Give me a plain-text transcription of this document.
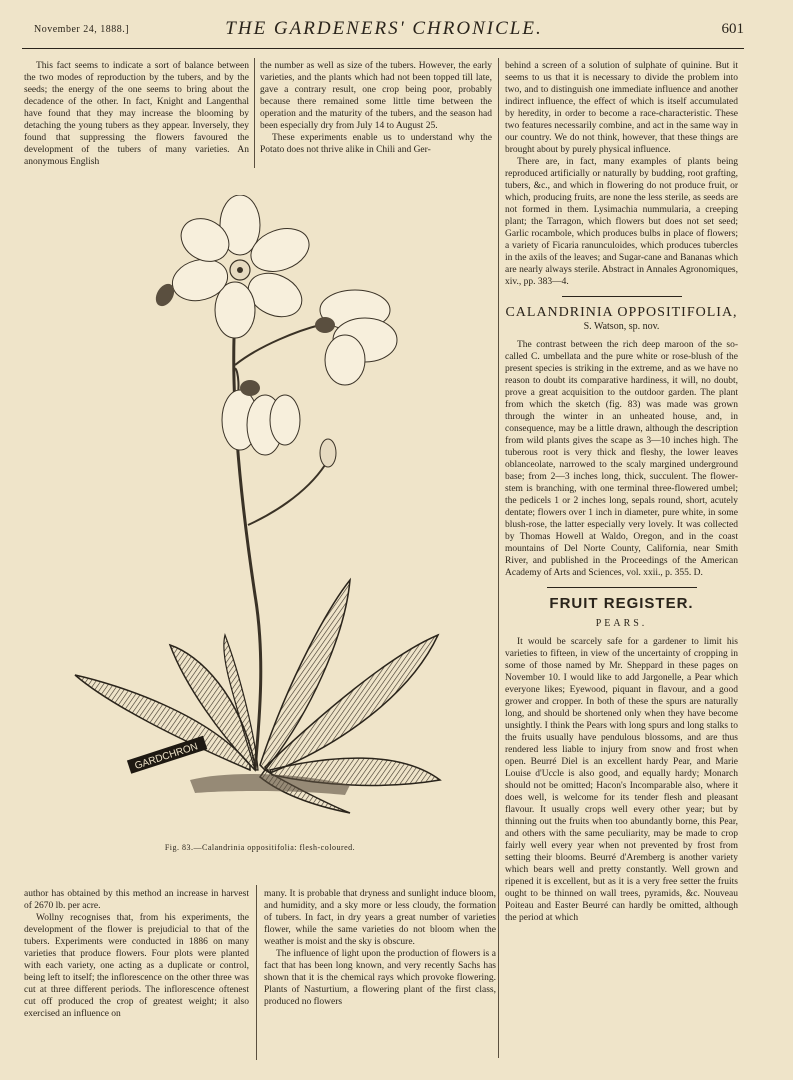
November 24, 1888.]	THE GARDENERS' CHRONICLE.	601

This fact seems to indicate a sort of balance between the two modes of reproduction by the tubers, and by the seeds; the energy of the one seems to bring about the decadence of the other. In fact, Knight and Langenthal have found that they may increase the blooming by detaching the young tubers as they appear. Inversely, they found that suppressing the flowers favoured the development of the tubers of many varieties. An anonymous English

the number as well as size of the tubers. However, the early varieties, and the plants which had not been topped till late, gave a contrary result, one crop being poor, probably because there remained some little time between the operation and the maturity of the tubers, and the season had been especially dry from July 14 to August 25.

These experiments enable us to understand why the Potato does not thrive alike in Chili and Ger-

behind a screen of a solution of sulphate of quinine. But it seems to us that it is necessary to divide the problem into two, and to distinguish one immediate influence and another indirect influence, the effect of which is itself accumulated by heredity, in order to become a race-characteristic. These two features necessarily combine, and act in the same way in our country. We do not think, however, that these things are brought about by purely physical influence.

There are, in fact, many examples of plants being reproduced artificially or naturally by budding, root grafting, tubers, &c., and which in flowering do not produce fruit, or which, producing fruits, are none the less sterile, as seeds are not formed in them. Lysimachia nummularia, a creeping plant; the Tarragon, which flowers but does not set seed; Garlic rocambole, which produces bulbs in place of flowers; a variety of Ficaria ranunculoides, which produces tubercles in the axils of the leaves; and Sugar-cane and Bananas which are nearly always sterile. Abstract in Annales Agronomiques, xiv., pp. 383—4.

CALANDRINIA OPPOSITIFOLIA,
S. Watson, sp. nov.

The contrast between the rich deep maroon of the so-called C. umbellata and the pure white or rose-blush of the present species is striking in the extreme, and as we have no reason to doubt its comparative hardiness, it will, no doubt, prove a great acquisition to the outdoor garden. The plant from which the sketch (fig. 83) was made was grown through the winter in an unheated house, and, in consequence, may be a little drawn, although the description from wild plants gives the scape as 3—10 inches high. The tuberous root is very thick and fleshy, the lower leaves oblanceolate, narrowed to the scaly margined underground base; from 2—3 inches long, thick, succulent. The flower-stem is branching, with one terminal three-flowered umbel; the pedicels 1 or 2 inches long, sepals round, short, acutely dentate; flowers over 1 inch in diameter, pure white, in some blush-rose, the latter especially very lovely. It was collected by Thomas Howell at Waldo, Oregon, and in the coast mountains of Del Norte County, California, near Smith River, and published in the Proceedings of the American Academy of Arts and Sciences, vol. xxii., p. 355. D.

FRUIT REGISTER.
PEARS.

It would be scarcely safe for a gardener to limit his varieties to fifteen, in view of the uncertainty of cropping in some of those named by Mr. Sheppard in these pages on November 10. I would like to add Jargonelle, a Pear which everyone likes; Eyewood, piquant in flavour, and a good grower and cropper. In both of these the spurs are naturally long, and should be shortened only when they have become unsightly. I think the Pears with long spurs and long stalks to the fruits usually have pendulous blossoms, and are thus rendered less liable to injury from snow and frost when open. Beurré Diel is an excellent hardy Pear, and Marie Louise d'Uccle is also good, and equally hardy; Monarch should not be omitted; Hacon's Incomparable also, where it does well, is welcome for its tender flesh and pleasant flavour. It usually crops well every other year; but by thinning out the fruits when too abundantly borne, this Pear, and others with the same peculiarity, may be made to crop fairly well every year when not prevented by frost from setting their blooms. Beurré d'Aremberg is another variety which bears well and pretty constantly. Well grown and ripened it is excellent, but as it is a very free setter the fruits ought to be thinned on wall trees, pyramids, &c. Nouveau Poiteau and Easter Beurré can hardly be omitted, although the period at which

GARDCHRON
Fig. 83.—Calandrinia oppositifolia: flesh-coloured.

author has obtained by this method an increase in harvest of 2670 lb. per acre.

Wollny recognises that, from his experiments, the development of the flower is prejudicial to that of the tubers. Experiments were conducted in 1886 on many varieties that produce flowers. Four plots were planted with each variety, one acting as a duplicate or control, being left to itself; the inflorescence on the other three was cut at three different periods. The inflorescence oftenest cut off produced the crop of greatest weight; it also exercised an influence on

many. It is probable that dryness and sunlight induce bloom, and humidity, and a sky more or less cloudy, the formation of tubers. In fact, in dry years a great number of varieties flower, while the same varieties do not bloom when the weather is moist and the sky is obscure.

The influence of light upon the production of flowers is a fact that has been long known, and very recently Sachs has shown that it is the chemical rays which provoke flowering. Plants of Nasturtium, a flowering plant of the first class, produced no flowers
